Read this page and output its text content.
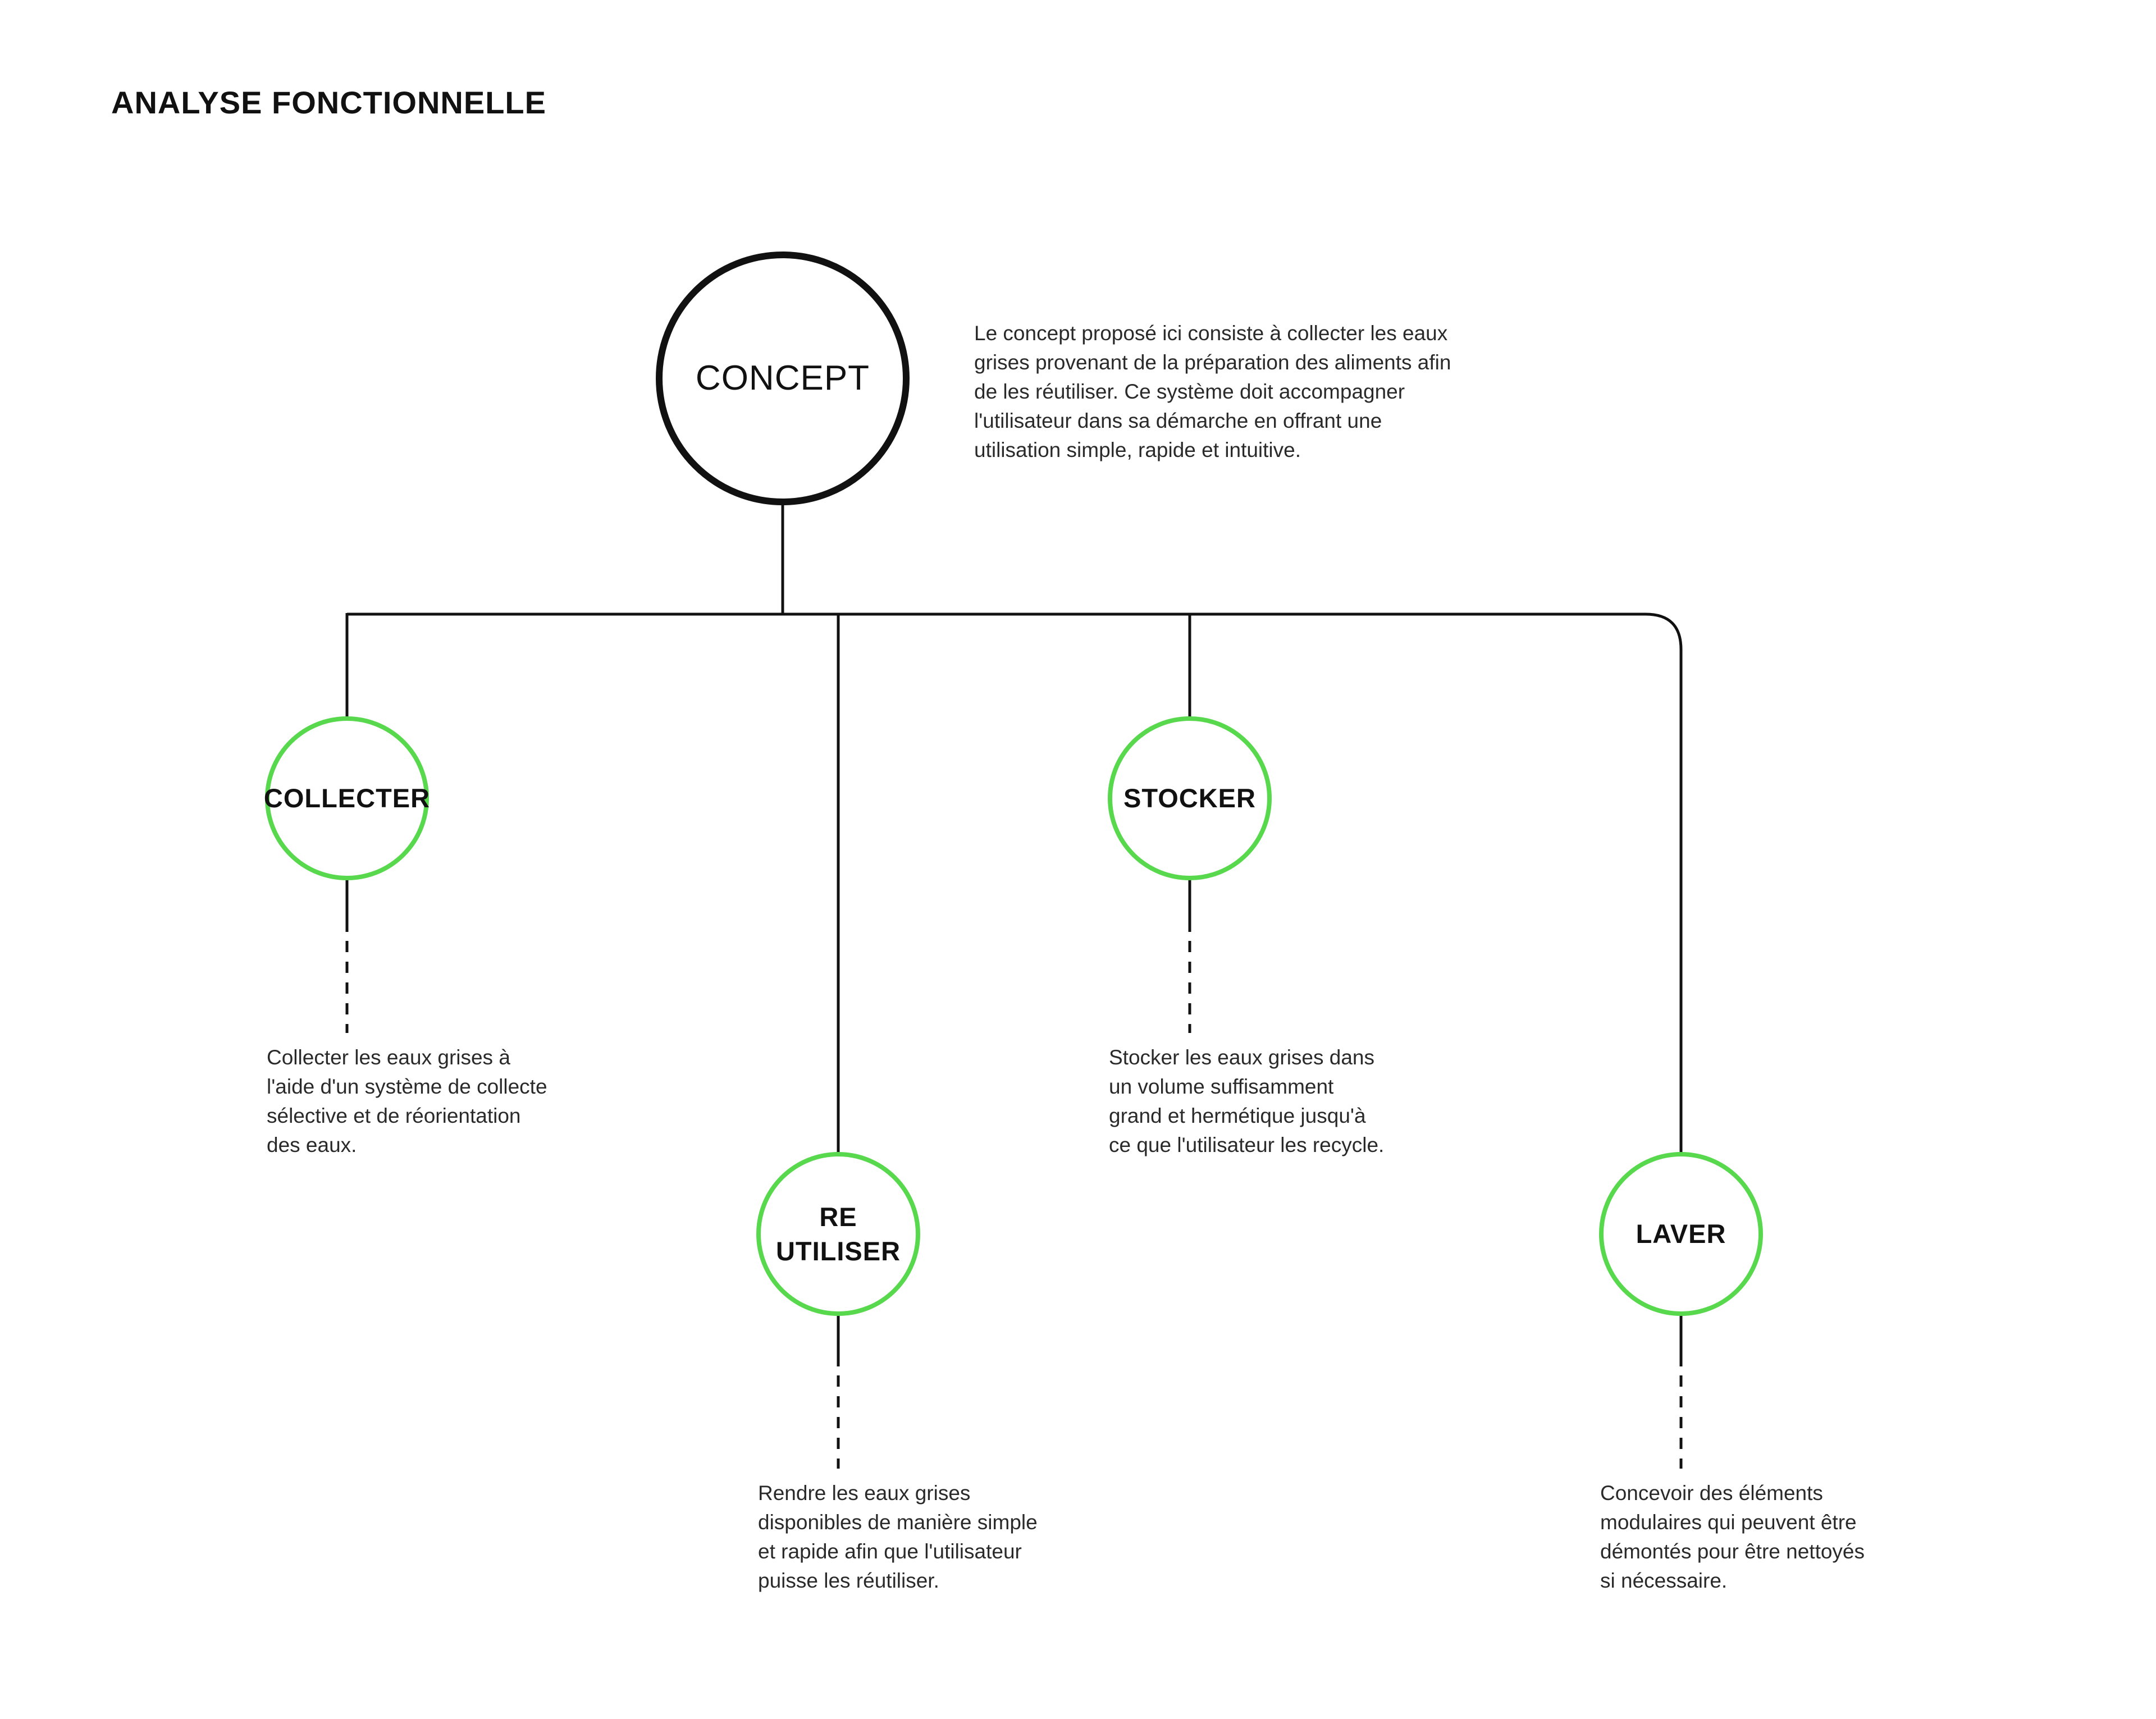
ANALYSE FONCTIONNELLE
CONCEPT
Le concept proposé ici consiste à collecter les eaux
grises provenant de la préparation des aliments afin
de les réutiliser. Ce système doit accompagner
l'utilisateur dans sa démarche en offrant une
utilisation simple, rapide et intuitive.
COLLECTER
Collecter les eaux grises à
l'aide d'un système de collecte
sélective et de réorientation
des eaux.
STOCKER
Stocker les eaux grises dans
un volume suffisamment
grand et hermétique jusqu'à
ce que l'utilisateur les recycle.
RE
UTILISER
Rendre les eaux grises
disponibles de manière simple
et rapide afin que l'utilisateur
puisse les réutiliser.
LAVER
Concevoir des éléments
modulaires qui peuvent être
démontés pour être nettoyés
si nécessaire.
